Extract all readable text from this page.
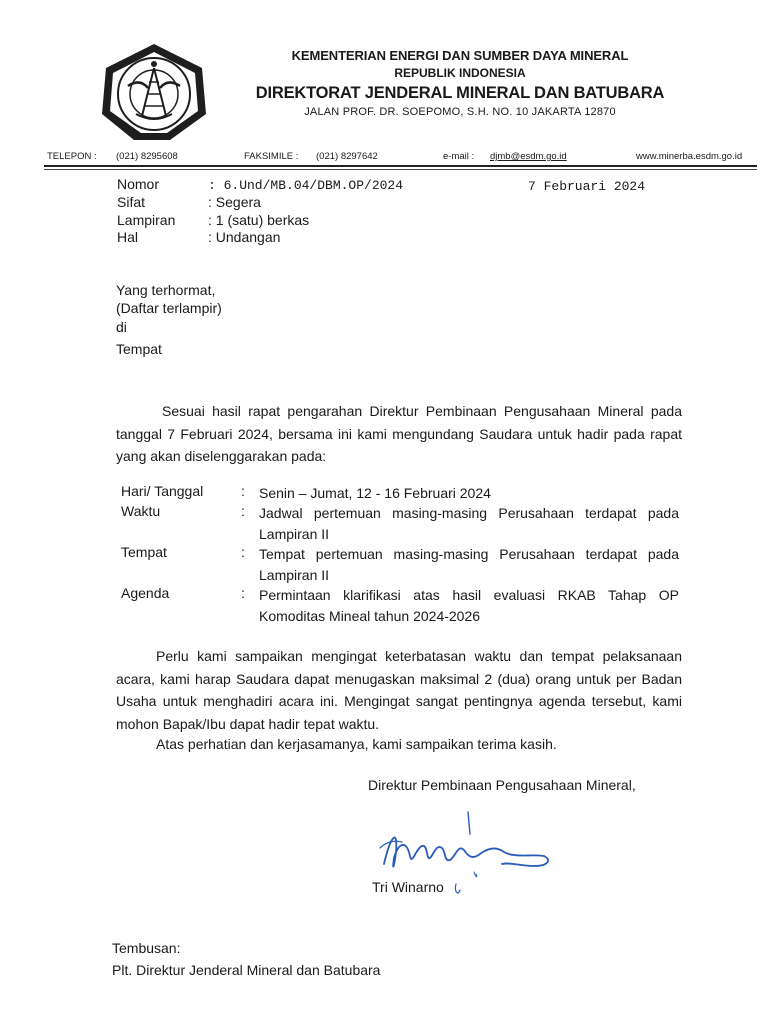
KEMENTERIAN ENERGI DAN SUMBER DAYA MINERAL
REPUBLIK INDONESIA
DIREKTORAT JENDERAL MINERAL DAN BATUBARA
JALAN PROF. DR. SOEPOMO, S.H. NO. 10 JAKARTA 12870
TELEPON : (021) 8295608	FAKSIMILE : (021) 8297642	e-mail : djmb@esdm.go.id	www.minerba.esdm.go.id
Nomor	: 6.Und/MB.04/DBM.OP/2024	7 Februari 2024
Sifat	: Segera
Lampiran : 1 (satu) berkas
Hal	: Undangan
Yang terhormat,
(Daftar terlampir)
di
Tempat
Sesuai hasil rapat pengarahan Direktur Pembinaan Pengusahaan Mineral pada tanggal 7 Februari 2024, bersama ini kami mengundang Saudara untuk hadir pada rapat yang akan diselenggarakan pada:
Hari/ Tanggal	: Senin – Jumat, 12 - 16 Februari 2024
Waktu	: Jadwal pertemuan masing-masing Perusahaan terdapat pada Lampiran II
Tempat	: Tempat pertemuan masing-masing Perusahaan terdapat pada Lampiran II
Agenda	: Permintaan klarifikasi atas hasil evaluasi RKAB Tahap OP Komoditas Mineal tahun 2024-2026
Perlu kami sampaikan mengingat keterbatasan waktu dan tempat pelaksanaan acara, kami harap Saudara dapat menugaskan maksimal 2 (dua) orang untuk per Badan Usaha untuk menghadiri acara ini. Mengingat sangat pentingnya agenda tersebut, kami mohon Bapak/Ibu dapat hadir tepat waktu.
Atas perhatian dan kerjasamanya, kami sampaikan terima kasih.
Direktur Pembinaan Pengusahaan Mineral,
Tri Winarno
Tembusan:
Plt. Direktur Jenderal Mineral dan Batubara
